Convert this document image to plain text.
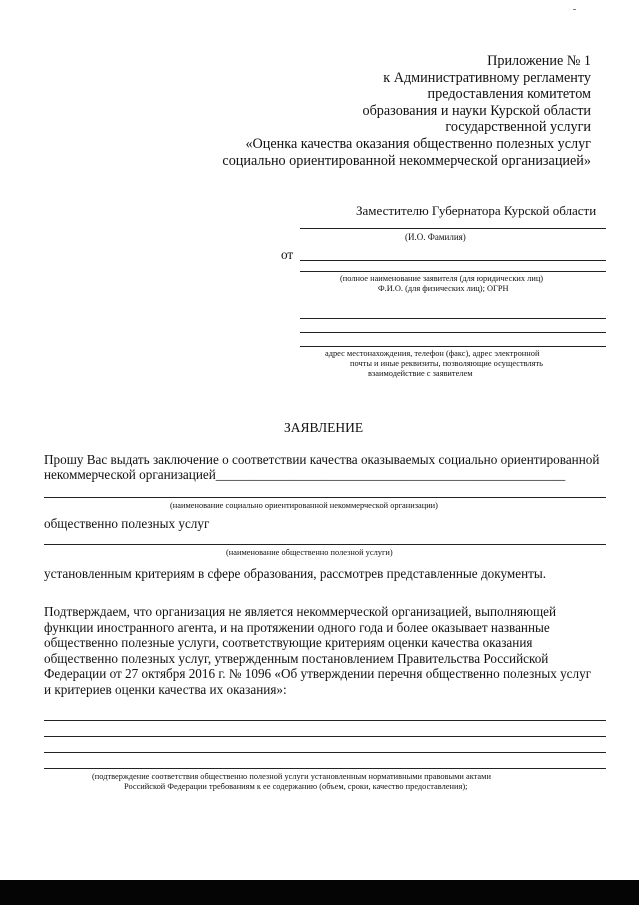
Приложение № 1
к Административному регламенту
предоставления комитетом
образования и науки Курской области
государственной услуги
«Оценка качества оказания общественно полезных услуг
социально ориентированной некоммерческой организацией»
Заместителю Губернатора Курской области
(И.О. Фамилия)
от
(полное наименование заявителя (для юридических лиц)
Ф.И.О. (для физических лиц); ОГРН
адрес местонахождения, телефон (факс), адрес электронной
почты и иные реквизиты, позволяющие осуществлять
взаимодействие с заявителем
ЗАЯВЛЕНИЕ
Прошу Вас выдать заключение о соответствии качества оказываемых социально ориентированной
некоммерческой организацией_____________________________________________________
(наименование социально ориентированной некоммерческой организации)
общественно полезных услуг
(наименование общественно полезной услуги)
установленным критериям в сфере образования, рассмотрев представленные документы.
Подтверждаем, что организация не является некоммерческой организацией, выполняющей
функции иностранного агента, и на протяжении одного года и более оказывает названные
общественно полезные услуги, соответствующие критериям оценки качества оказания
общественно полезных услуг, утвержденным постановлением Правительства Российской
Федерации от 27 октября 2016 г. № 1096 «Об утверждении перечня общественно полезных услуг
и критериев оценки качества их оказания»:
(подтверждение соответствия общественно полезной услуги установленным нормативными правовыми актами
Российской Федерации требованиям к ее содержанию (объем, сроки, качество предоставления);
